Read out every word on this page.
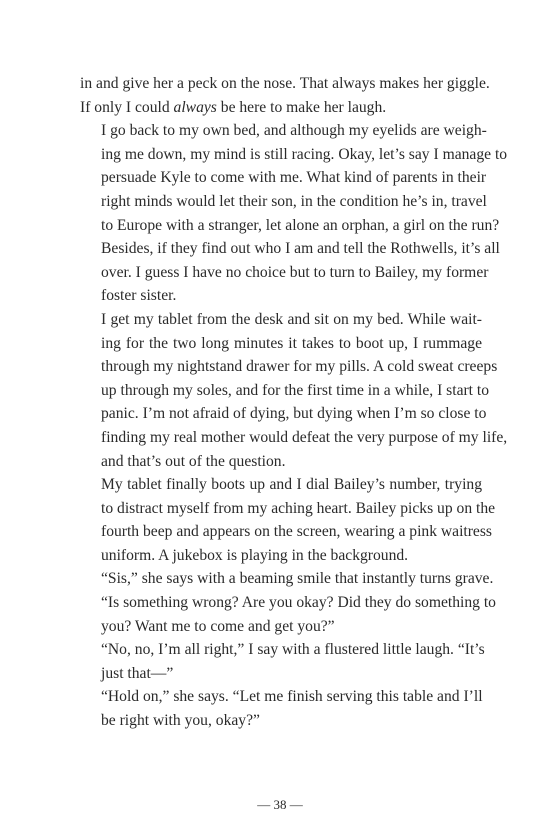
in and give her a peck on the nose. That always makes her giggle.
If only I could always be here to make her laugh.

I go back to my own bed, and although my eyelids are weigh-
ing me down, my mind is still racing. Okay, let’s say I manage to
persuade Kyle to come with me. What kind of parents in their
right minds would let their son, in the condition he’s in, travel
to Europe with a stranger, let alone an orphan, a girl on the run?
Besides, if they find out who I am and tell the Rothwells, it’s all
over. I guess I have no choice but to turn to Bailey, my former
foster sister.

I get my tablet from the desk and sit on my bed. While wait-
ing for the two long minutes it takes to boot up, I rummage
through my nightstand drawer for my pills. A cold sweat creeps
up through my soles, and for the first time in a while, I start to
panic. I’m not afraid of dying, but dying when I’m so close to
finding my real mother would defeat the very purpose of my life,
and that’s out of the question.

My tablet finally boots up and I dial Bailey’s number, trying
to distract myself from my aching heart. Bailey picks up on the
fourth beep and appears on the screen, wearing a pink waitress
uniform. A jukebox is playing in the background.

“Sis,” she says with a beaming smile that instantly turns grave.
“Is something wrong? Are you okay? Did they do something to
you? Want me to come and get you?”

“No, no, I’m all right,” I say with a flustered little laugh. “It’s
just that—”

“Hold on,” she says. “Let me finish serving this table and I’ll
be right with you, okay?”

— 38 —
